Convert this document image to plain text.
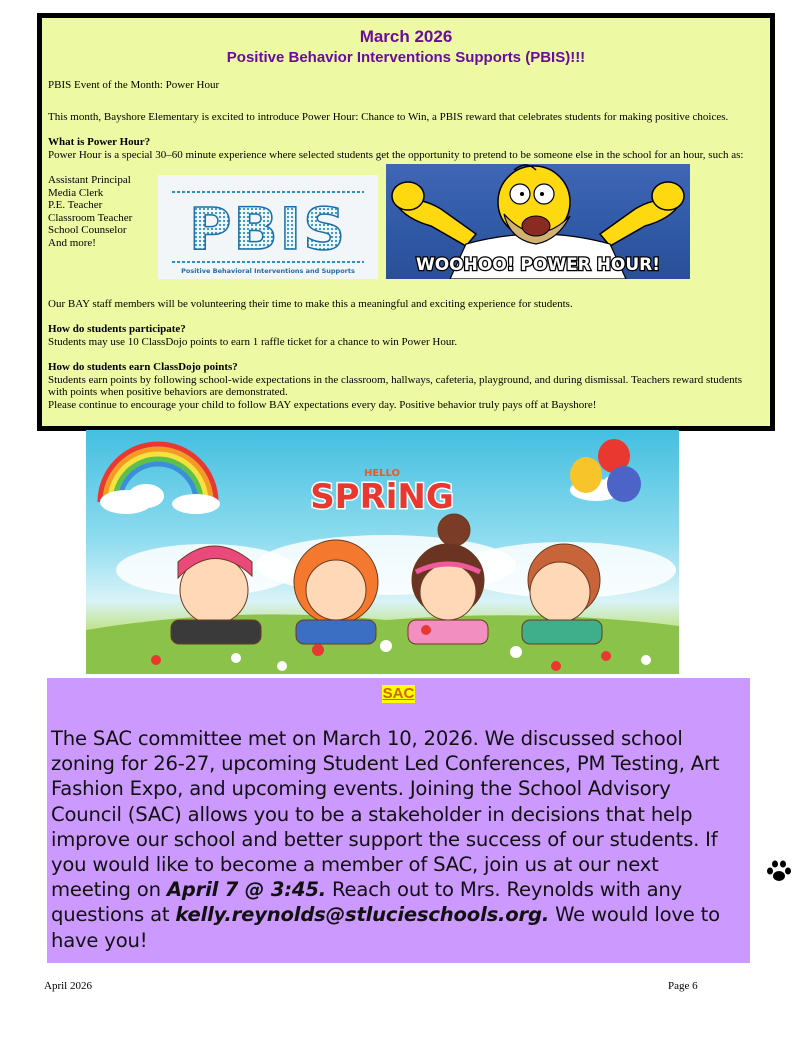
March 2026
Positive Behavior Interventions Supports (PBIS)!!!
PBIS Event of the Month: Power Hour
This month, Bayshore Elementary is excited to introduce Power Hour: Chance to Win, a PBIS reward that celebrates students for making positive choices.
What is Power Hour?
Power Hour is a special 30–60 minute experience where selected students get the opportunity to pretend to be someone else in the school for an hour, such as:
Assistant Principal
Media Clerk
P.E. Teacher
Classroom Teacher
School Counselor
And more!	PBIS
Positive Behavioral Interventions and Supports	WOOHOO! POWER HOUR!
Our BAY staff members will be volunteering their time to make this a meaningful and exciting experience for students.
How do students participate?
Students may use 10 ClassDojo points to earn 1 raffle ticket for a chance to win Power Hour.
How do students earn ClassDojo points?
Students earn points by following school-wide expectations in the classroom, hallways, cafeteria, playground, and during dismissal. Teachers reward students with points when positive behaviors are demonstrated.
Please continue to encourage your child to follow BAY expectations every day. Positive behavior truly pays off at Bayshore!
HELLO
SPRiNG
SAC
The SAC committee met on March 10, 2026. We discussed school zoning for 26-27, upcoming Student Led Conferences, PM Testing, Art Fashion Expo, and upcoming events. Joining the School Advisory Council (SAC) allows you to be a stakeholder in decisions that help improve our school and better support the success of our students. If you would like to become a member of SAC, join us at our next meeting on April 7 @ 3:45. Reach out to Mrs. Reynolds with any questions at kelly.reynolds@stlucieschools.org. We would love to have you!
April 2026	Page 6
